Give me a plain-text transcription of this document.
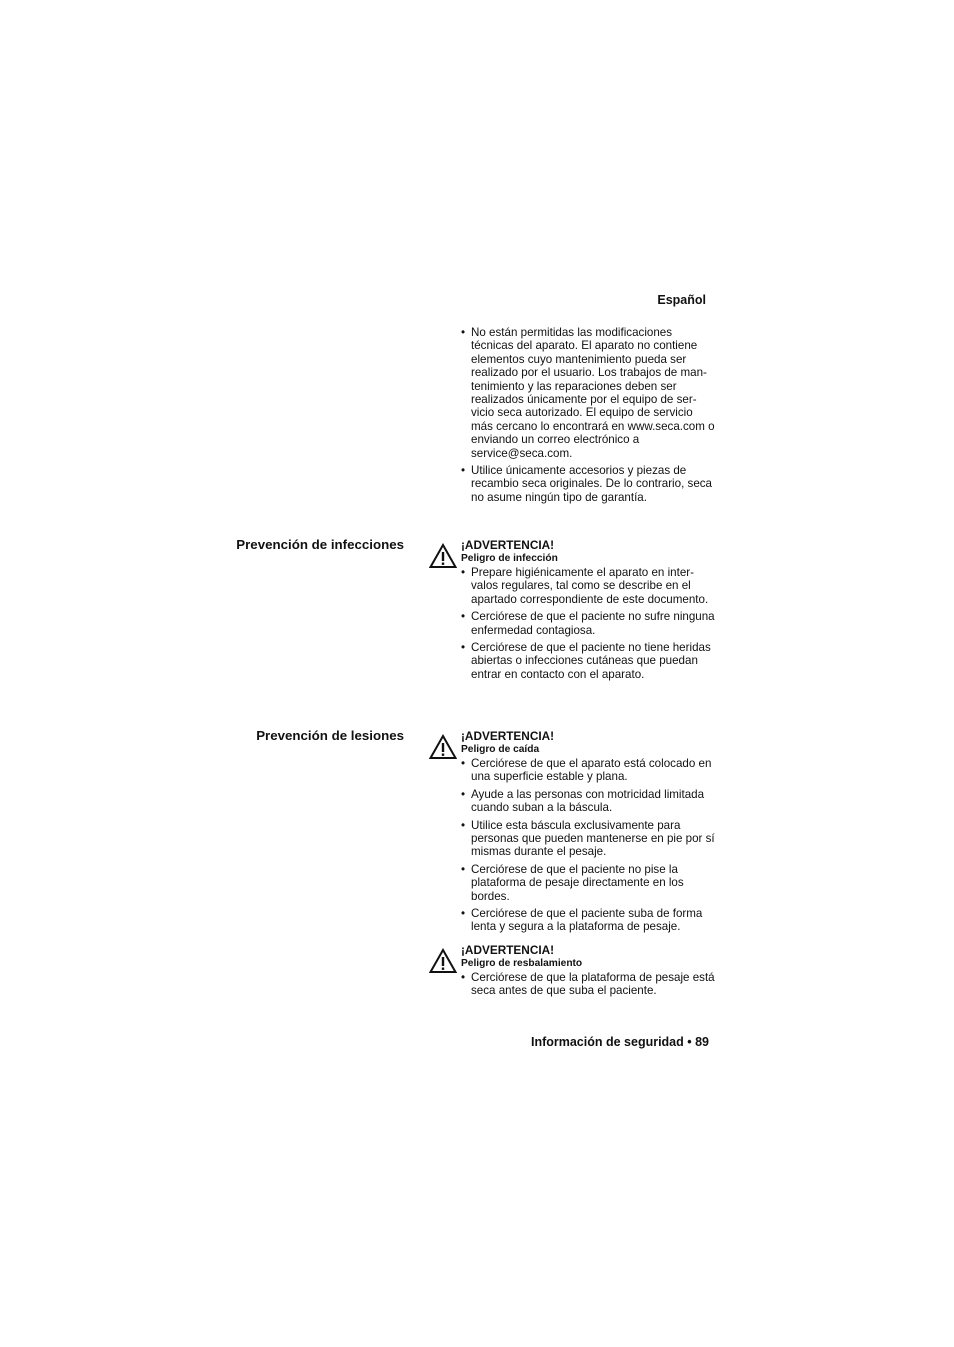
Español
• No están permitidas las modificaciones técnicas del aparato. El aparato no contiene elementos cuyo mantenimiento pueda ser realizado por el usuario. Los trabajos de man-tenimiento y las reparaciones deben ser realizados únicamente por el equipo de ser-vicio seca autorizado. El equipo de servicio más cercano lo encontrará en www.seca.com o enviando un correo electrónico a service@seca.com.
• Utilice únicamente accesorios y piezas de recambio seca originales. De lo contrario, seca no asume ningún tipo de garantía.
Prevención de infecciones	¡ADVERTENCIA!
Peligro de infección
• Prepare higiénicamente el aparato en inter-valos regulares, tal como se describe en el apartado correspondiente de este documento.
• Cerciórese de que el paciente no sufre ninguna enfermedad contagiosa.
• Cerciórese de que el paciente no tiene heridas abiertas o infecciones cutáneas que puedan entrar en contacto con el aparato.
Prevención de lesiones	¡ADVERTENCIA!
Peligro de caída
• Cerciórese de que el aparato está colocado en una superficie estable y plana.
• Ayude a las personas con motricidad limitada cuando suban a la báscula.
• Utilice esta báscula exclusivamente para personas que pueden mantenerse en pie por sí mismas durante el pesaje.
• Cerciórese de que el paciente no pise la plataforma de pesaje directamente en los bordes.
• Cerciórese de que el paciente suba de forma lenta y segura a la plataforma de pesaje.
¡ADVERTENCIA!
Peligro de resbalamiento
• Cerciórese de que la plataforma de pesaje está seca antes de que suba el paciente.
Información de seguridad • 89
